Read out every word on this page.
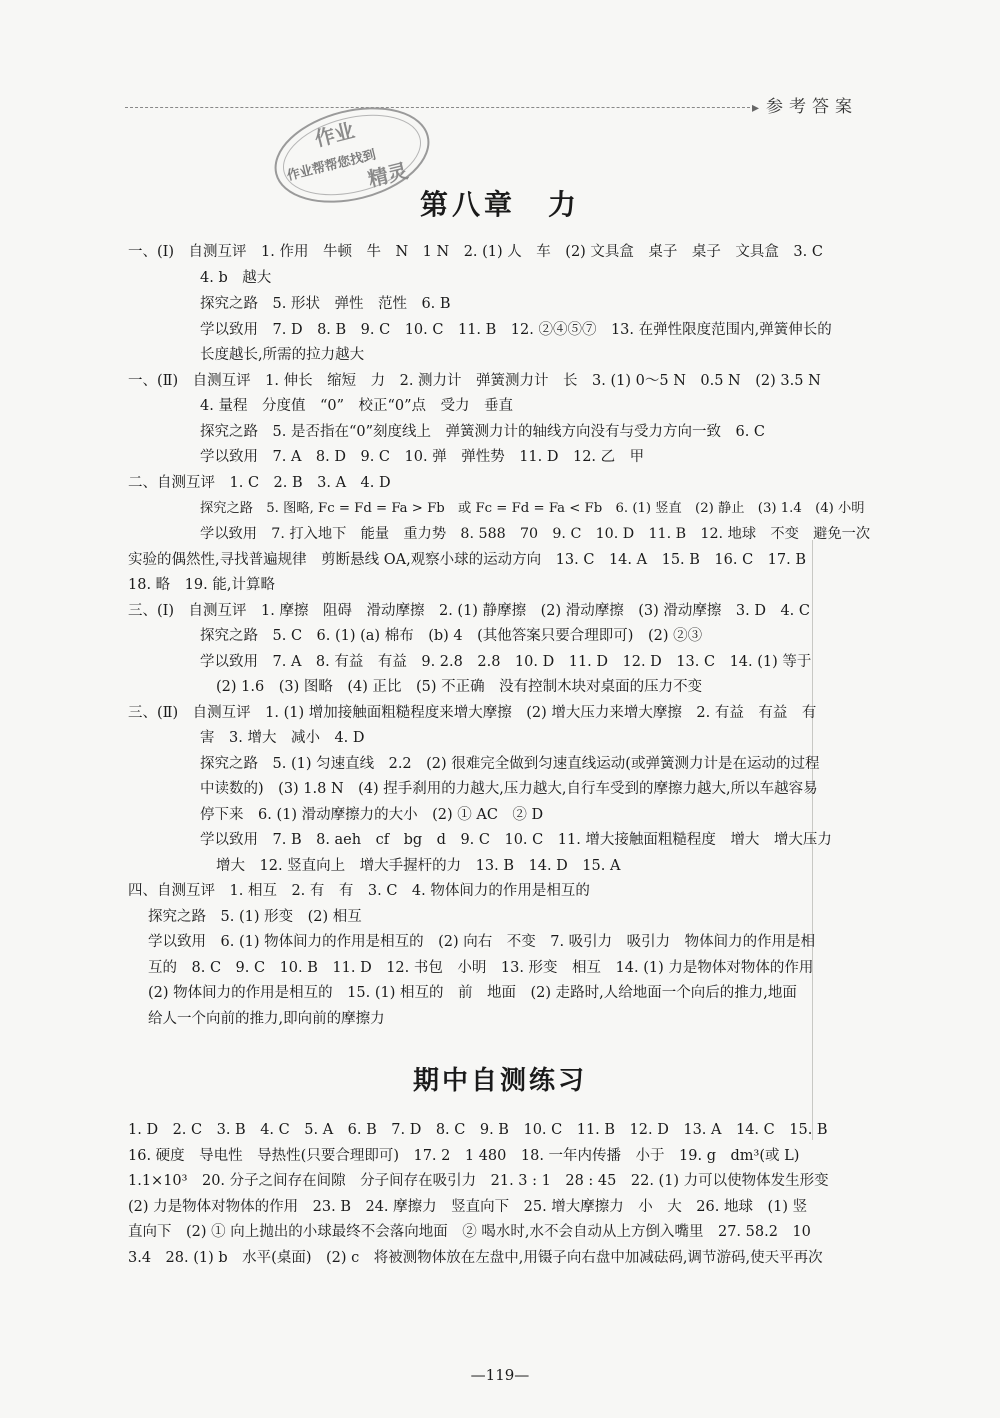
▸ 参考答案
作业
作业帮帮您找到
精灵
第八章　力
一、(Ⅰ)　自测互评　1. 作用　牛顿　牛　N　1 N　2. (1) 人　车　(2) 文具盒　桌子　桌子　文具盒　3. C
4. b　越大
探究之路　5. 形状　弹性　范性　6. B
学以致用　7. D　8. B　9. C　10. C　11. B　12. ②④⑤⑦　13. 在弹性限度范围内,弹簧伸长的
长度越长,所需的拉力越大
一、(Ⅱ)　自测互评　1. 伸长　缩短　力　2. 测力计　弹簧测力计　长　3. (1) 0～5 N　0.5 N　(2) 3.5 N
4. 量程　分度值　“0”　校正“0”点　受力　垂直
探究之路　5. 是否指在“0”刻度线上　弹簧测力计的轴线方向没有与受力方向一致　6. C
学以致用　7. A　8. D　9. C　10. 弹　弹性势　11. D　12. 乙　甲
二、自测互评　1. C　2. B　3. A　4. D
探究之路　5. 图略, Fc = Fd = Fa > Fb　或 Fc = Fd = Fa < Fb　6. (1) 竖直　(2) 静止　(3) 1.4　(4) 小明
学以致用　7. 打入地下　能量　重力势　8. 588　70　9. C　10. D　11. B　12. 地球　不变　避免一次
实验的偶然性,寻找普遍规律　剪断悬线 OA,观察小球的运动方向　13. C　14. A　15. B　16. C　17. B
18. 略　19. 能,计算略
三、(Ⅰ)　自测互评　1. 摩擦　阻碍　滑动摩擦　2. (1) 静摩擦　(2) 滑动摩擦　(3) 滑动摩擦　3. D　4. C
探究之路　5. C　6. (1) (a) 棉布　(b) 4　(其他答案只要合理即可)　(2) ②③
学以致用　7. A　8. 有益　有益　9. 2.8　2.8　10. D　11. D　12. D　13. C　14. (1) 等于
(2) 1.6　(3) 图略　(4) 正比　(5) 不正确　没有控制木块对桌面的压力不变
三、(Ⅱ)　自测互评　1. (1) 增加接触面粗糙程度来增大摩擦　(2) 增大压力来增大摩擦　2. 有益　有益　有
害　3. 增大　减小　4. D
探究之路　5. (1) 匀速直线　2.2　(2) 很难完全做到匀速直线运动(或弹簧测力计是在运动的过程
中读数的)　(3) 1.8 N　(4) 捏手刹用的力越大,压力越大,自行车受到的摩擦力越大,所以车越容易
停下来　6. (1) 滑动摩擦力的大小　(2) ① AC　② D
学以致用　7. B　8. aeh　cf　bg　d　9. C　10. C　11. 增大接触面粗糙程度　增大　增大压力
增大　12. 竖直向上　增大手握杆的力　13. B　14. D　15. A
四、自测互评　1. 相互　2. 有　有　3. C　4. 物体间力的作用是相互的
探究之路　5. (1) 形变　(2) 相互
学以致用　6. (1) 物体间力的作用是相互的　(2) 向右　不变　7. 吸引力　吸引力　物体间力的作用是相
互的　8. C　9. C　10. B　11. D　12. 书包　小明　13. 形变　相互　14. (1) 力是物体对物体的作用
(2) 物体间力的作用是相互的　15. (1) 相互的　前　地面　(2) 走路时,人给地面一个向后的推力,地面
给人一个向前的推力,即向前的摩擦力
1. D　2. C　3. B　4. C　5. A　6. B　7. D　8. C　9. B　10. C　11. B　12. D　13. A　14. C　15. B
16. 硬度　导电性　导热性(只要合理即可)　17. 2　1 480　18. 一年内传播　小于　19. g　dm³(或 L)
1.1×10³　20. 分子之间存在间隙　分子间存在吸引力　21. 3 : 1　28 : 45　22. (1) 力可以使物体发生形变
(2) 力是物体对物体的作用　23. B　24. 摩擦力　竖直向下　25. 增大摩擦力　小　大　26. 地球　(1) 竖
直向下　(2) ① 向上抛出的小球最终不会落向地面　② 喝水时,水不会自动从上方倒入嘴里　27. 58.2　10
3.4　28. (1) b　水平(桌面)　(2) c　将被测物体放在左盘中,用镊子向右盘中加减砝码,调节游码,使天平再次
期中自测练习
—119—
